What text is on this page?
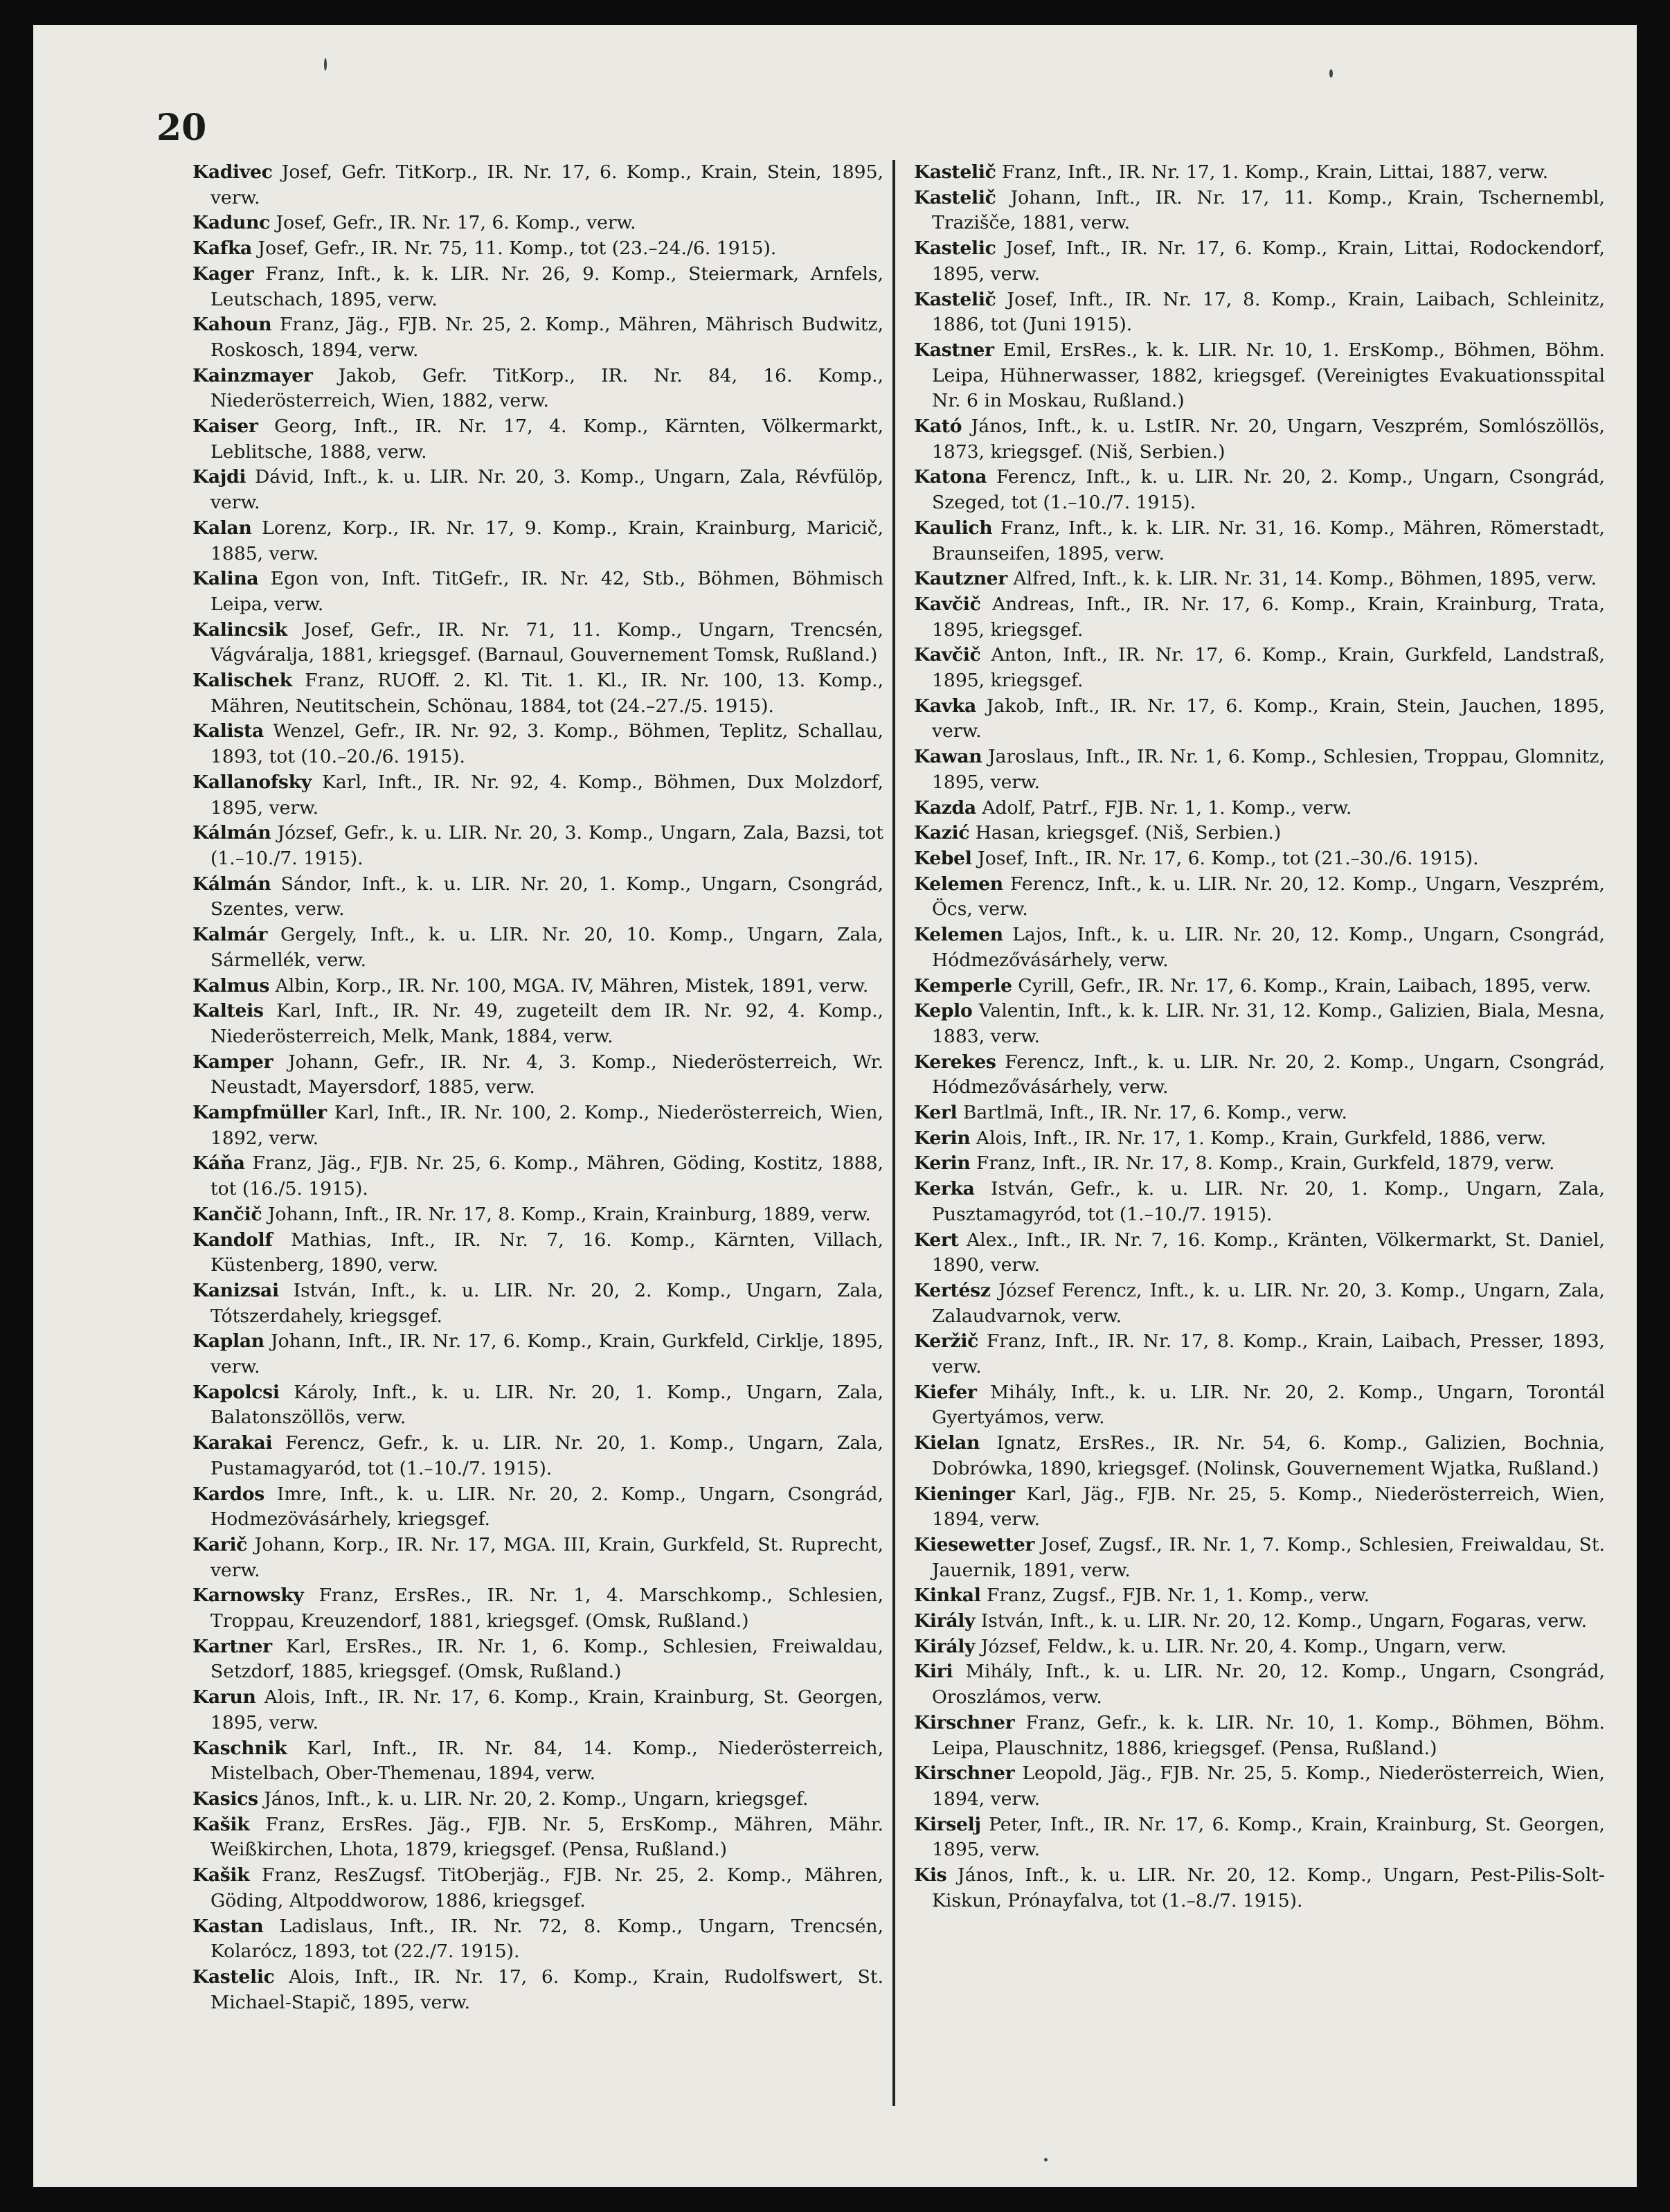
20

Kadivec Josef, Gefr. TitKorp., IR. Nr. 17, 6. Komp., Krain, Stein, 1895, verw.

Kadunc Josef, Gefr., IR. Nr. 17, 6. Komp., verw.

Kafka Josef, Gefr., IR. Nr. 75, 11. Komp., tot (23.–24./6. 1915).

Kager Franz, Inft., k. k. LIR. Nr. 26, 9. Komp., Steiermark, Arnfels, Leutschach, 1895, verw.

Kahoun Franz, Jäg., FJB. Nr. 25, 2. Komp., Mähren, Mährisch Budwitz, Roskosch, 1894, verw.

Kainzmayer Jakob, Gefr. TitKorp., IR. Nr. 84, 16. Komp., Niederösterreich, Wien, 1882, verw.

Kaiser Georg, Inft., IR. Nr. 17, 4. Komp., Kärnten, Völkermarkt, Leblitsche, 1888, verw.

Kajdi Dávid, Inft., k. u. LIR. Nr. 20, 3. Komp., Ungarn, Zala, Révfülöp, verw.

Kalan Lorenz, Korp., IR. Nr. 17, 9. Komp., Krain, Krainburg, Maricič, 1885, verw.

Kalina Egon von, Inft. TitGefr., IR. Nr. 42, Stb., Böhmen, Böhmisch Leipa, verw.

Kalincsik Josef, Gefr., IR. Nr. 71, 11. Komp., Ungarn, Trencsén, Vágváralja, 1881, kriegsgef. (Barnaul, Gouvernement Tomsk, Rußland.)

Kalischek Franz, RUOff. 2. Kl. Tit. 1. Kl., IR. Nr. 100, 13. Komp., Mähren, Neutitschein, Schönau, 1884, tot (24.–27./5. 1915).

Kalista Wenzel, Gefr., IR. Nr. 92, 3. Komp., Böhmen, Teplitz, Schallau, 1893, tot (10.–20./6. 1915).

Kallanofsky Karl, Inft., IR. Nr. 92, 4. Komp., Böhmen, Dux Molzdorf, 1895, verw.

Kálmán József, Gefr., k. u. LIR. Nr. 20, 3. Komp., Ungarn, Zala, Bazsi, tot (1.–10./7. 1915).

Kálmán Sándor, Inft., k. u. LIR. Nr. 20, 1. Komp., Ungarn, Csongrád, Szentes, verw.

Kalmár Gergely, Inft., k. u. LIR. Nr. 20, 10. Komp., Ungarn, Zala, Sármellék, verw.

Kalmus Albin, Korp., IR. Nr. 100, MGA. IV, Mähren, Mistek, 1891, verw.

Kalteis Karl, Inft., IR. Nr. 49, zugeteilt dem IR. Nr. 92, 4. Komp., Niederösterreich, Melk, Mank, 1884, verw.

Kamper Johann, Gefr., IR. Nr. 4, 3. Komp., Niederösterreich, Wr. Neustadt, Mayersdorf, 1885, verw.

Kampfmüller Karl, Inft., IR. Nr. 100, 2. Komp., Niederösterreich, Wien, 1892, verw.

Káňa Franz, Jäg., FJB. Nr. 25, 6. Komp., Mähren, Göding, Kostitz, 1888, tot (16./5. 1915).

Kančič Johann, Inft., IR. Nr. 17, 8. Komp., Krain, Krainburg, 1889, verw.

Kandolf Mathias, Inft., IR. Nr. 7, 16. Komp., Kärnten, Villach, Küstenberg, 1890, verw.

Kanizsai István, Inft., k. u. LIR. Nr. 20, 2. Komp., Ungarn, Zala, Tótszerdahely, kriegsgef.

Kaplan Johann, Inft., IR. Nr. 17, 6. Komp., Krain, Gurkfeld, Cirklje, 1895, verw.

Kapolcsi Károly, Inft., k. u. LIR. Nr. 20, 1. Komp., Ungarn, Zala, Balatonszöllös, verw.

Karakai Ferencz, Gefr., k. u. LIR. Nr. 20, 1. Komp., Ungarn, Zala, Pustamagyaród, tot (1.–10./7. 1915).

Kardos Imre, Inft., k. u. LIR. Nr. 20, 2. Komp., Ungarn, Csongrád, Hodmezövásárhely, kriegsgef.

Karič Johann, Korp., IR. Nr. 17, MGA. III, Krain, Gurkfeld, St. Ruprecht, verw.

Karnowsky Franz, ErsRes., IR. Nr. 1, 4. Marschkomp., Schlesien, Troppau, Kreuzendorf, 1881, kriegsgef. (Omsk, Rußland.)

Kartner Karl, ErsRes., IR. Nr. 1, 6. Komp., Schlesien, Freiwaldau, Setzdorf, 1885, kriegsgef. (Omsk, Rußland.)

Karun Alois, Inft., IR. Nr. 17, 6. Komp., Krain, Krainburg, St. Georgen, 1895, verw.

Kaschnik Karl, Inft., IR. Nr. 84, 14. Komp., Niederösterreich, Mistelbach, Ober-Themenau, 1894, verw.

Kasics János, Inft., k. u. LIR. Nr. 20, 2. Komp., Ungarn, kriegsgef.

Kašik Franz, ErsRes. Jäg., FJB. Nr. 5, ErsKomp., Mähren, Mähr. Weißkirchen, Lhota, 1879, kriegsgef. (Pensa, Rußland.)

Kašik Franz, ResZugsf. TitOberjäg., FJB. Nr. 25, 2. Komp., Mähren, Göding, Altpoddworow, 1886, kriegsgef.

Kastan Ladislaus, Inft., IR. Nr. 72, 8. Komp., Ungarn, Trencsén, Kolarócz, 1893, tot (22./7. 1915).

Kastelic Alois, Inft., IR. Nr. 17, 6. Komp., Krain, Rudolfswert, St. Michael-Stapič, 1895, verw.

Kastelič Franz, Inft., IR. Nr. 17, 1. Komp., Krain, Littai, 1887, verw.

Kastelič Johann, Inft., IR. Nr. 17, 11. Komp., Krain, Tschernembl, Trazišče, 1881, verw.

Kastelic Josef, Inft., IR. Nr. 17, 6. Komp., Krain, Littai, Rodockendorf, 1895, verw.

Kastelič Josef, Inft., IR. Nr. 17, 8. Komp., Krain, Laibach, Schleinitz, 1886, tot (Juni 1915).

Kastner Emil, ErsRes., k. k. LIR. Nr. 10, 1. ErsKomp., Böhmen, Böhm. Leipa, Hühnerwasser, 1882, kriegsgef. (Vereinigtes Evakuationsspital Nr. 6 in Moskau, Rußland.)

Kató János, Inft., k. u. LstIR. Nr. 20, Ungarn, Veszprém, Somlószöllös, 1873, kriegsgef. (Niš, Serbien.)

Katona Ferencz, Inft., k. u. LIR. Nr. 20, 2. Komp., Ungarn, Csongrád, Szeged, tot (1.–10./7. 1915).

Kaulich Franz, Inft., k. k. LIR. Nr. 31, 16. Komp., Mähren, Römerstadt, Braunseifen, 1895, verw.

Kautzner Alfred, Inft., k. k. LIR. Nr. 31, 14. Komp., Böhmen, 1895, verw.

Kavčič Andreas, Inft., IR. Nr. 17, 6. Komp., Krain, Krainburg, Trata, 1895, kriegsgef.

Kavčič Anton, Inft., IR. Nr. 17, 6. Komp., Krain, Gurkfeld, Landstraß, 1895, kriegsgef.

Kavka Jakob, Inft., IR. Nr. 17, 6. Komp., Krain, Stein, Jauchen, 1895, verw.

Kawan Jaroslaus, Inft., IR. Nr. 1, 6. Komp., Schlesien, Troppau, Glomnitz, 1895, verw.

Kazda Adolf, Patrf., FJB. Nr. 1, 1. Komp., verw.

Kazić Hasan, kriegsgef. (Niš, Serbien.)

Kebel Josef, Inft., IR. Nr. 17, 6. Komp., tot (21.–30./6. 1915).

Kelemen Ferencz, Inft., k. u. LIR. Nr. 20, 12. Komp., Ungarn, Veszprém, Öcs, verw.

Kelemen Lajos, Inft., k. u. LIR. Nr. 20, 12. Komp., Ungarn, Csongrád, Hódmezővásárhely, verw.

Kemperle Cyrill, Gefr., IR. Nr. 17, 6. Komp., Krain, Laibach, 1895, verw.

Keplo Valentin, Inft., k. k. LIR. Nr. 31, 12. Komp., Galizien, Biala, Mesna, 1883, verw.

Kerekes Ferencz, Inft., k. u. LIR. Nr. 20, 2. Komp., Ungarn, Csongrád, Hódmezővásárhely, verw.

Kerl Bartlmä, Inft., IR. Nr. 17, 6. Komp., verw.

Kerin Alois, Inft., IR. Nr. 17, 1. Komp., Krain, Gurkfeld, 1886, verw.

Kerin Franz, Inft., IR. Nr. 17, 8. Komp., Krain, Gurkfeld, 1879, verw.

Kerka István, Gefr., k. u. LIR. Nr. 20, 1. Komp., Ungarn, Zala, Pusztamagyród, tot (1.–10./7. 1915).

Kert Alex., Inft., IR. Nr. 7, 16. Komp., Kränten, Völkermarkt, St. Daniel, 1890, verw.

Kertész József Ferencz, Inft., k. u. LIR. Nr. 20, 3. Komp., Ungarn, Zala, Zalaudvarnok, verw.

Keržič Franz, Inft., IR. Nr. 17, 8. Komp., Krain, Laibach, Presser, 1893, verw.

Kiefer Mihály, Inft., k. u. LIR. Nr. 20, 2. Komp., Ungarn, Torontál Gyertyámos, verw.

Kielan Ignatz, ErsRes., IR. Nr. 54, 6. Komp., Galizien, Bochnia, Dobrówka, 1890, kriegsgef. (Nolinsk, Gouvernement Wjatka, Rußland.)

Kieninger Karl, Jäg., FJB. Nr. 25, 5. Komp., Niederösterreich, Wien, 1894, verw.

Kiesewetter Josef, Zugsf., IR. Nr. 1, 7. Komp., Schlesien, Freiwaldau, St. Jauernik, 1891, verw.

Kinkal Franz, Zugsf., FJB. Nr. 1, 1. Komp., verw.

Király István, Inft., k. u. LIR. Nr. 20, 12. Komp., Ungarn, Fogaras, verw.

Király József, Feldw., k. u. LIR. Nr. 20, 4. Komp., Ungarn, verw.

Kiri Mihály, Inft., k. u. LIR. Nr. 20, 12. Komp., Ungarn, Csongrád, Oroszlámos, verw.

Kirschner Franz, Gefr., k. k. LIR. Nr. 10, 1. Komp., Böhmen, Böhm. Leipa, Plauschnitz, 1886, kriegsgef. (Pensa, Rußland.)

Kirschner Leopold, Jäg., FJB. Nr. 25, 5. Komp., Niederösterreich, Wien, 1894, verw.

Kirselj Peter, Inft., IR. Nr. 17, 6. Komp., Krain, Krainburg, St. Georgen, 1895, verw.

Kis János, Inft., k. u. LIR. Nr. 20, 12. Komp., Ungarn, Pest-Pilis-Solt-Kiskun, Prónayfalva, tot (1.–8./7. 1915).
